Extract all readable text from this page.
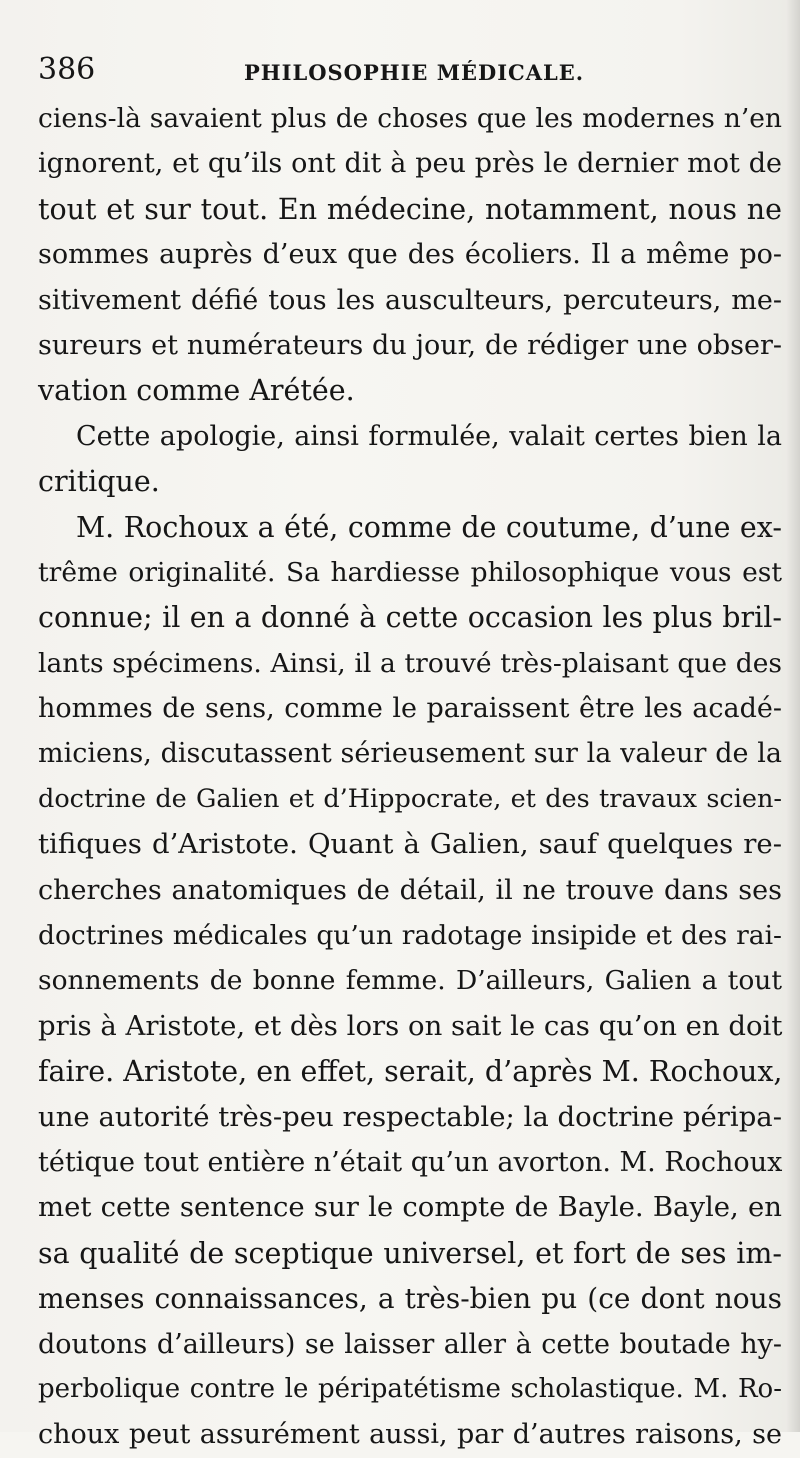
386	PHILOSOPHIE MÉDICALE.
ciens-là savaient plus de choses que les modernes n’en
ignorent, et qu’ils ont dit à peu près le dernier mot de
tout et sur tout. En médecine, notamment, nous ne
sommes auprès d’eux que des écoliers. Il a même po-
sitivement défié tous les ausculteurs, percuteurs, me-
sureurs et numérateurs du jour, de rédiger une obser-
vation comme Arétée.
Cette apologie, ainsi formulée, valait certes bien la
critique.
M. Rochoux a été, comme de coutume, d’une ex-
trême originalité. Sa hardiesse philosophique vous est
connue; il en a donné à cette occasion les plus bril-
lants spécimens. Ainsi, il a trouvé très-plaisant que des
hommes de sens, comme le paraissent être les acadé-
miciens, discutassent sérieusement sur la valeur de la
doctrine de Galien et d’Hippocrate, et des travaux scien-
tifiques d’Aristote. Quant à Galien, sauf quelques re-
cherches anatomiques de détail, il ne trouve dans ses
doctrines médicales qu’un radotage insipide et des rai-
sonnements de bonne femme. D’ailleurs, Galien a tout
pris à Aristote, et dès lors on sait le cas qu’on en doit
faire. Aristote, en effet, serait, d’après M. Rochoux,
une autorité très-peu respectable; la doctrine péripa-
tétique tout entière n’était qu’un avorton. M. Rochoux
met cette sentence sur le compte de Bayle. Bayle, en
sa qualité de sceptique universel, et fort de ses im-
menses connaissances, a très-bien pu (ce dont nous
doutons d’ailleurs) se laisser aller à cette boutade hy-
perbolique contre le péripatétisme scholastique. M. Ro-
choux peut assurément aussi, par d’autres raisons, se
